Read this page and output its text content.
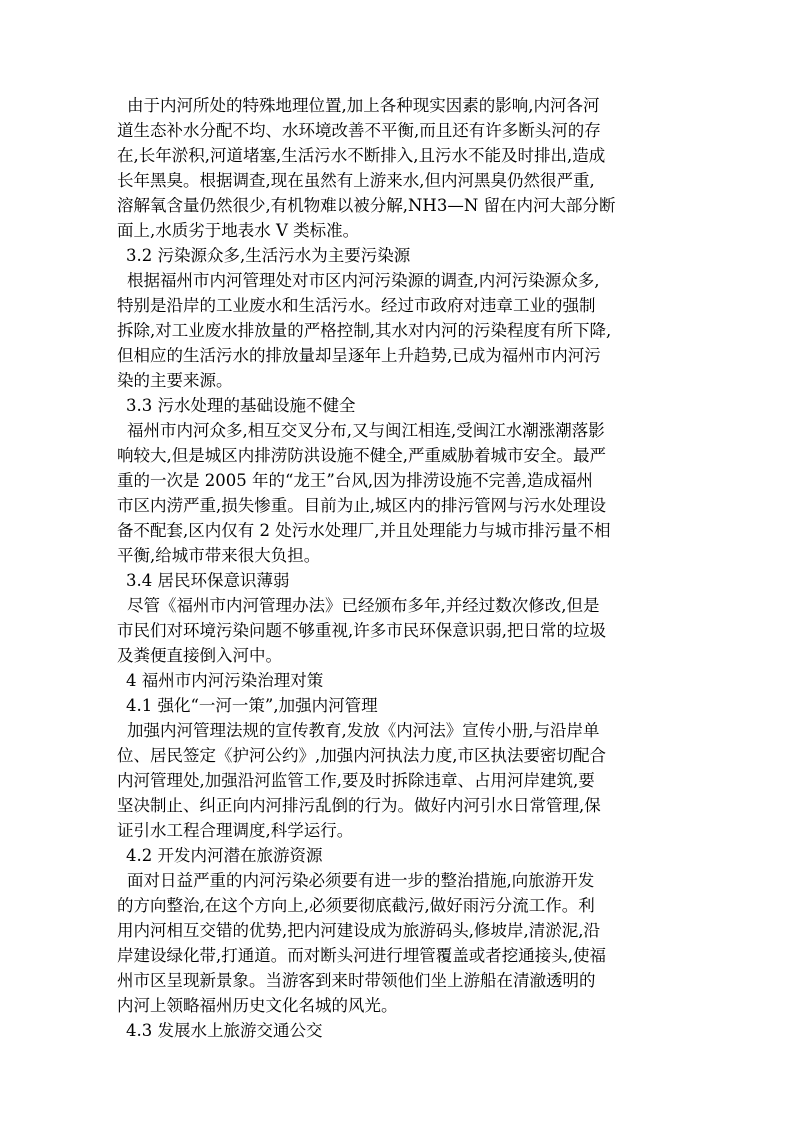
由于内河所处的特殊地理位置,加上各种现实因素的影响,内河各河
道生态补水分配不均、水环境改善不平衡,而且还有许多断头河的存
在,长年淤积,河道堵塞,生活污水不断排入,且污水不能及时排出,造成
长年黑臭。根据调查,现在虽然有上游来水,但内河黑臭仍然很严重,
溶解氧含量仍然很少,有机物难以被分解,NH3—N 留在内河大部分断
面上,水质劣于地表水 V 类标准。
3.2 污染源众多,生活污水为主要污染源
根据福州市内河管理处对市区内河污染源的调查,内河污染源众多,
特别是沿岸的工业废水和生活污水。经过市政府对违章工业的强制
拆除,对工业废水排放量的严格控制,其水对内河的污染程度有所下降,
但相应的生活污水的排放量却呈逐年上升趋势,已成为福州市内河污
染的主要来源。
3.3 污水处理的基础设施不健全
福州市内河众多,相互交叉分布,又与闽江相连,受闽江水潮涨潮落影
响较大,但是城区内排涝防洪设施不健全,严重威胁着城市安全。最严
重的一次是 2005 年的“龙王”台风,因为排涝设施不完善,造成福州
市区内涝严重,损失惨重。目前为止,城区内的排污管网与污水处理设
备不配套,区内仅有 2 处污水处理厂,并且处理能力与城市排污量不相
平衡,给城市带来很大负担。
3.4 居民环保意识薄弱
尽管《福州市内河管理办法》已经颁布多年,并经过数次修改,但是
市民们对环境污染问题不够重视,许多市民环保意识弱,把日常的垃圾
及粪便直接倒入河中。
4 福州市内河污染治理对策
4.1 强化“一河一策”,加强内河管理
加强内河管理法规的宣传教育,发放《内河法》宣传小册,与沿岸单
位、居民签定《护河公约》,加强内河执法力度,市区执法要密切配合
内河管理处,加强沿河监管工作,要及时拆除违章、占用河岸建筑,要
坚决制止、纠正向内河排污乱倒的行为。做好内河引水日常管理,保
证引水工程合理调度,科学运行。
4.2 开发内河潜在旅游资源
面对日益严重的内河污染必须要有进一步的整治措施,向旅游开发
的方向整治,在这个方向上,必须要彻底截污,做好雨污分流工作。利
用内河相互交错的优势,把内河建设成为旅游码头,修坡岸,清淤泥,沿
岸建设绿化带,打通道。而对断头河进行埋管覆盖或者挖通接头,使福
州市区呈现新景象。当游客到来时带领他们坐上游船在清澈透明的
内河上领略福州历史文化名城的风光。
4.3 发展水上旅游交通公交
